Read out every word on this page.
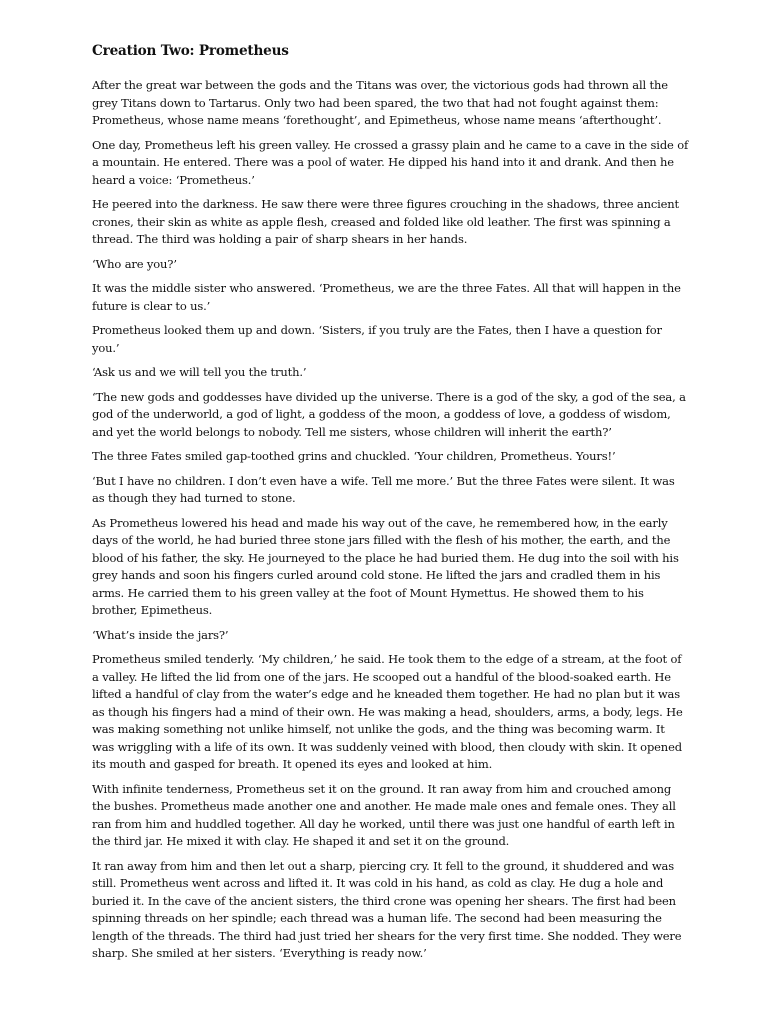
Creation Two: Prometheus

After the great war between the gods and the Titans was over, the victorious gods had thrown all the grey Titans down to Tartarus. Only two had been spared, the two that had not fought against them: Prometheus, whose name means ‘forethought’, and Epimetheus, whose name means ‘afterthought’.

One day, Prometheus left his green valley. He crossed a grassy plain and he came to a cave in the side of a mountain. He entered. There was a pool of water. He dipped his hand into it and drank. And then he heard a voice: ‘Prometheus.’

He peered into the darkness. He saw there were three figures crouching in the shadows, three ancient crones, their skin as white as apple flesh, creased and folded like old leather. The first was spinning a thread. The third was holding a pair of sharp shears in her hands.

‘Who are you?’

It was the middle sister who answered. ‘Prometheus, we are the three Fates. All that will happen in the future is clear to us.’

Prometheus looked them up and down. ‘Sisters, if you truly are the Fates, then I have a question for you.’

‘Ask us and we will tell you the truth.’

‘The new gods and goddesses have divided up the universe. There is a god of the sky, a god of the sea, a god of the underworld, a god of light, a goddess of the moon, a goddess of love, a goddess of wisdom, and yet the world belongs to nobody. Tell me sisters, whose children will inherit the earth?’

The three Fates smiled gap-toothed grins and chuckled. ‘Your children, Prometheus. Yours!’

‘But I have no children. I don’t even have a wife. Tell me more.’ But the three Fates were silent. It was as though they had turned to stone.

As Prometheus lowered his head and made his way out of the cave, he remembered how, in the early days of the world, he had buried three stone jars filled with the flesh of his mother, the earth, and the blood of his father, the sky. He journeyed to the place he had buried them. He dug into the soil with his grey hands and soon his fingers curled around cold stone. He lifted the jars and cradled them in his arms. He carried them to his green valley at the foot of Mount Hymettus. He showed them to his brother, Epimetheus.

‘What’s inside the jars?’

Prometheus smiled tenderly. ‘My children,’ he said. He took them to the edge of a stream, at the foot of a valley. He lifted the lid from one of the jars. He scooped out a handful of the blood-soaked earth. He lifted a handful of clay from the water’s edge and he kneaded them together. He had no plan but it was as though his fingers had a mind of their own. He was making a head, shoulders, arms, a body, legs. He was making something not unlike himself, not unlike the gods, and the thing was becoming warm. It was wriggling with a life of its own. It was suddenly veined with blood, then cloudy with skin. It opened its mouth and gasped for breath. It opened its eyes and looked at him.

With infinite tenderness, Prometheus set it on the ground. It ran away from him and crouched among the bushes. Prometheus made another one and another. He made male ones and female ones. They all ran from him and huddled together. All day he worked, until there was just one handful of earth left in the third jar. He mixed it with clay. He shaped it and set it on the ground.

It ran away from him and then let out a sharp, piercing cry. It fell to the ground, it shuddered and was still. Prometheus went across and lifted it. It was cold in his hand, as cold as clay. He dug a hole and buried it. In the cave of the ancient sisters, the third crone was opening her shears. The first had been spinning threads on her spindle; each thread was a human life. The second had been measuring the length of the threads. The third had just tried her shears for the very first time. She nodded. They were sharp. She smiled at her sisters. ‘Everything is ready now.’
